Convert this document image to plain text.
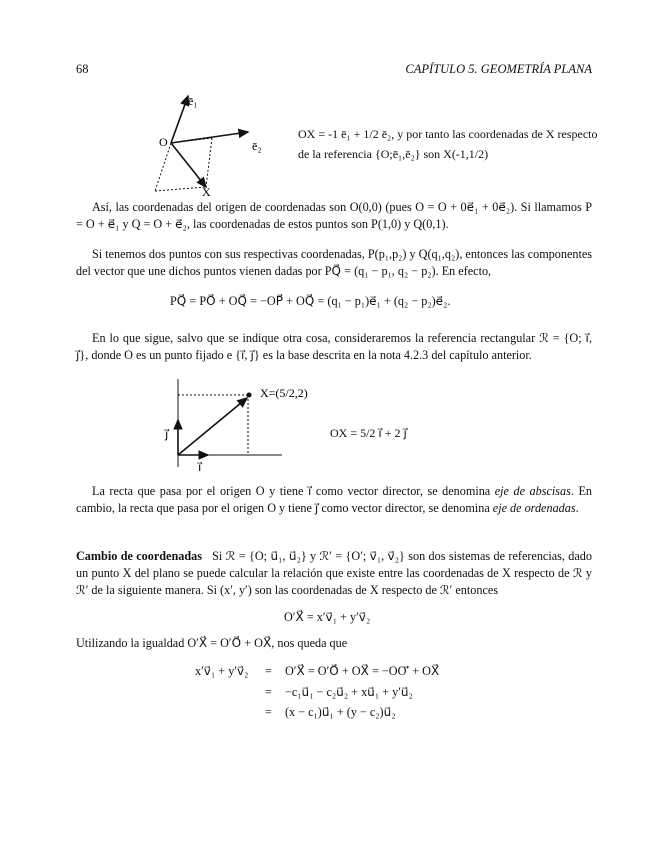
68	CAPÍTULO 5. GEOMETRÍA PLANA
ē₁
ē₂
O
X
OX = -1 ē₁ + 1/2 ē₂, y por tanto las coordenadas de X respecto
de la referencia {O;ē₁,ē₂} son X(-1,1/2)
Así, las coordenadas del origen de coordenadas son O(0,0) (pues O = O + 0e⃗₁ + 0e⃗₂). Si llamamos P = O + e⃗₁ y Q = O + e⃗₂, las coordenadas de estos puntos son P(1,0) y Q(0,1).
Si tenemos dos puntos con sus respectivas coordenadas, P(p₁,p₂) y Q(q₁,q₂), entonces las componentes del vector que une dichos puntos vienen dadas por PQ⃗ = (q₁ − p₁, q₂ − p₂). En efecto,
PQ⃗ = PO⃗ + OQ⃗ = −OP⃗ + OQ⃗ = (q₁ − p₁)e⃗₁ + (q₂ − p₂)e⃗₂.
En lo que sigue, salvo que se indique otra cosa, consideraremos la referencia rectangular ℛ = {O; i⃗, j⃗}, donde O es un punto fijado e {i⃗, j⃗} es la base descrita en la nota 4.2.3 del capítulo anterior.
X=(5/2,2)
j⃗
i⃗
OX = 5/2 i⃗ + 2 j⃗
La recta que pasa por el origen O y tiene i⃗ como vector director, se denomina eje de abscisas. En cambio, la recta que pasa por el origen O y tiene j⃗ como vector director, se denomina eje de ordenadas.
Cambio de coordenadas Si ℛ = {O; u⃗₁, u⃗₂} y ℛ′ = {O′; v⃗₁, v⃗₂} son dos sistemas de referencias, dado un punto X del plano se puede calcular la relación que existe entre las coordenadas de X respecto de ℛ y ℛ′ de la siguiente manera. Si (x′, y′) son las coordenadas de X respecto de ℛ′ entonces
O′X⃗ = x′v⃗₁ + y′v⃗₂
Utilizando la igualdad O′X⃗ = O′O⃗ + OX⃗, nos queda que
x′v⃗₁ + y′v⃗₂ = O′X⃗ = O′O⃗ + OX⃗ = −OO′⃗ + OX⃗
= −c₁u⃗₁ − c₂u⃗₂ + xu⃗₁ + y′u⃗₂
= (x − c₁)u⃗₁ + (y − c₂)u⃗₂
